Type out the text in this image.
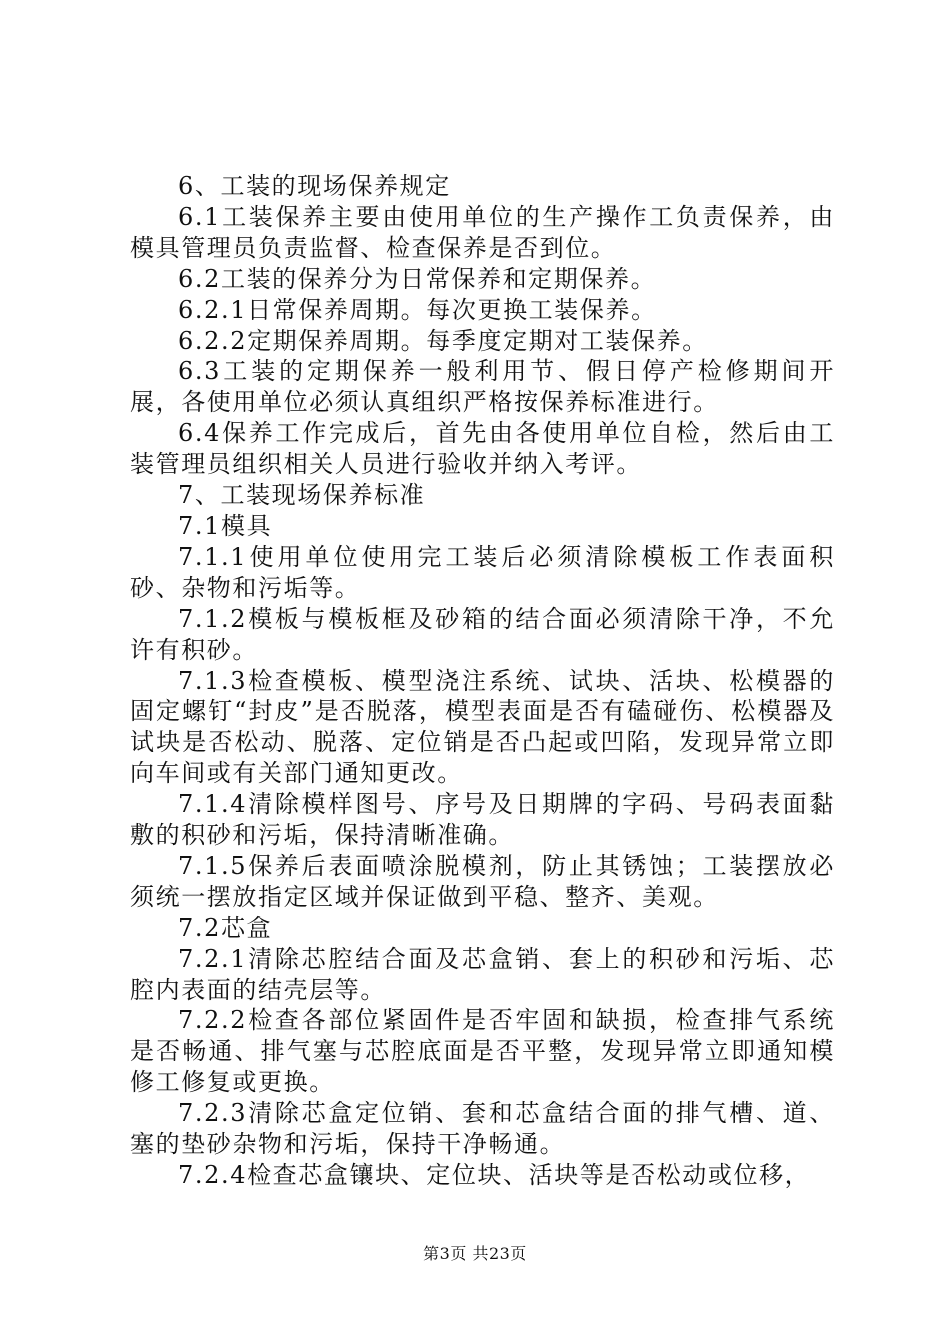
6、工装的现场保养规定

6.1工装保养主要由使用单位的生产操作工负责保养，由模具管理员负责监督、检查保养是否到位。

6.2工装的保养分为日常保养和定期保养。

6.2.1日常保养周期。每次更换工装保养。

6.2.2定期保养周期。每季度定期对工装保养。

6.3工装的定期保养一般利用节、假日停产检修期间开展，各使用单位必须认真组织严格按保养标准进行。

6.4保养工作完成后，首先由各使用单位自检，然后由工装管理员组织相关人员进行验收并纳入考评。

7、工装现场保养标准

7.1模具

7.1.1使用单位使用完工装后必须清除模板工作表面积砂、杂物和污垢等。

7.1.2模板与模板框及砂箱的结合面必须清除干净，不允许有积砂。

7.1.3检查模板、模型浇注系统、试块、活块、松模器的固定螺钉“封皮”是否脱落，模型表面是否有磕碰伤、松模器及试块是否松动、脱落、定位销是否凸起或凹陷，发现异常立即向车间或有关部门通知更改。

7.1.4清除模样图号、序号及日期牌的字码、号码表面黏敷的积砂和污垢，保持清晰准确。

7.1.5保养后表面喷涂脱模剂，防止其锈蚀；工装摆放必须统一摆放指定区域并保证做到平稳、整齐、美观。

7.2芯盒

7.2.1清除芯腔结合面及芯盒销、套上的积砂和污垢、芯腔内表面的结壳层等。

7.2.2检查各部位紧固件是否牢固和缺损，检查排气系统是否畅通、排气塞与芯腔底面是否平整，发现异常立即通知模修工修复或更换。

7.2.3清除芯盒定位销、套和芯盒结合面的排气槽、道、塞的垫砂杂物和污垢，保持干净畅通。

7.2.4检查芯盒镶块、定位块、活块等是否松动或位移，

第3页 共23页
